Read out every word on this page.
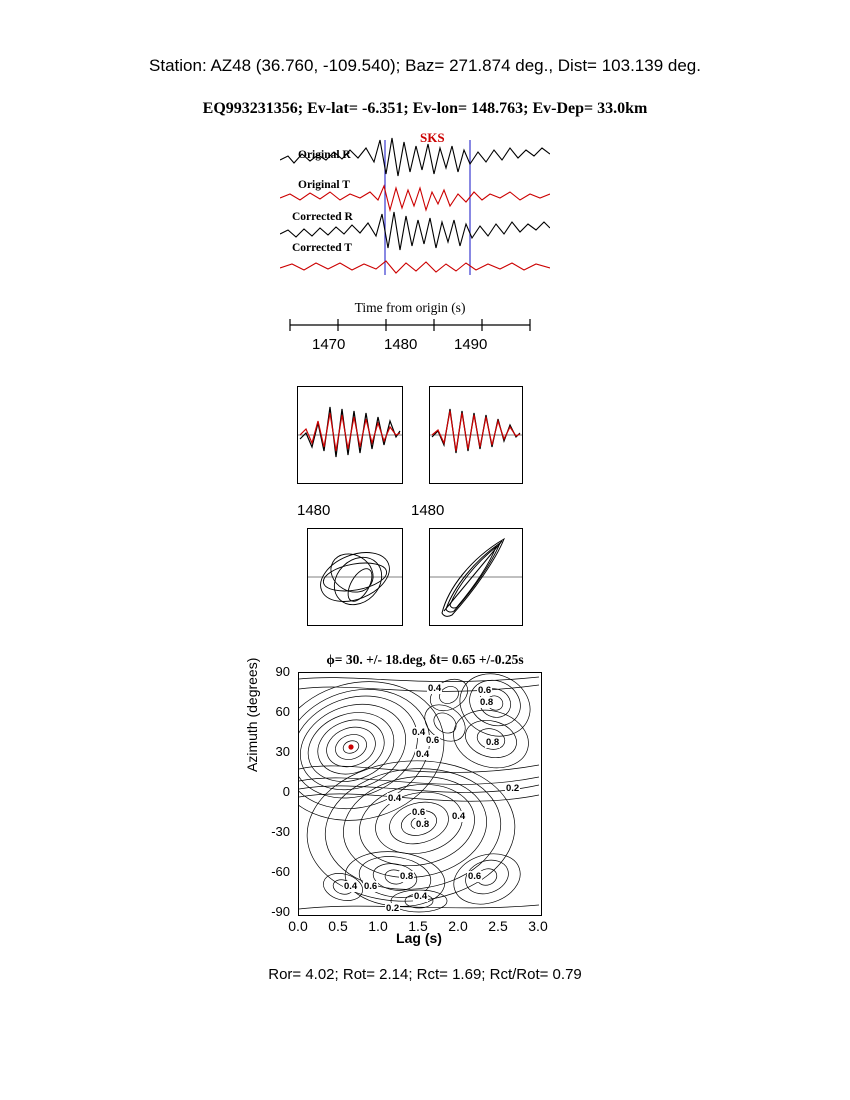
Station: AZ48 (36.760, -109.540); Baz= 271.874 deg., Dist= 103.139 deg.
EQ993231356; Ev-lat= -6.351; Ev-lon= 148.763; Ev-Dep= 33.0km
SKS
Original R
Original T
Corrected R
Corrected T
Time from origin (s)
1470	1480 1490
1480	1480
ϕ= 30. +/- 18.deg, δt= 0.65 +/-0.25s
Azimuth (degrees)	90
60
30
0
-30
-60
-90
0.4	0.6
0.8
0.4
0.6	0.8
0.4
0.2
0.4
0.6	0.4
0.8
0.8	0.6
0.4 0.6
0.4
0.2
0.0	0.5	1.0	1.5	2.0	2.5	3.0
Lag (s)
Ror= 4.02; Rot= 2.14; Rct= 1.69; Rct/Rot= 0.79
